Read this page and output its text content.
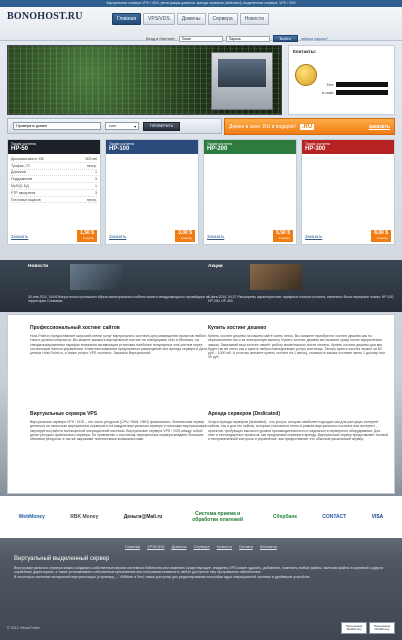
Виртуальные сервера VPS / VDS, регистрация доменов, аренда серверов (dedicated), выделенные сервера, VPS / VDS
BONOHOST.RU	Главная	VPS/VDS	Домены	Сервера	Новости
Вход в биллинг:
Логин
Пароль	Войти	забыли пароль?
Контакты:
Тел:
e-mail:
Проверить домен
.com	▾	ПРОВЕРИТЬ	Домен в зоне .RU в подарок!	.RU	заказать
Тариф хостинга
HP-50
Дисковая квота, Мб	500 мб
Трафик, Гб	неогр.
Доменов	1
Поддоменов	3
MySQL БД	1
FTP аккаунтов	3
Почтовых ящиков	неогр.
Заказать	1,50 $
в месяц
Тариф хостинга
HP-100
Заказать	3,00 $
в месяц
Тариф хостинга
HP-200
Заказать	5,50 $
в месяц
Тариф хостинга
HP-300
Заказать	8,00 $
в месяц
Новости
30-янв-2011, 16:06 Вчера ночью произошел обрыв магистрального кабеля нашего международного провайдера на территории Словакии
Акции
1-фев-2010, 04:27 Расширены характеристики тарифных планов хостинга, изменены были тарифные планы: HP-100, HP-200, HP-300
Профессиональный хостинг сайтов

Host-Point.ru предоставляет широкий спектр услуг виртуального хостинга для размещения проектов любого типа и уровня сложности. Вы можете заказать виртуальный хостинг на платформах Unix и Windows, на специализированных тарифах возможна активизация установка наиболее популярных cms-систем через хостинговую панель управления. Клиентам компании предлагается размещение или аренда сервера в Дата-центре Host-Point.ru, а также услуги VPS хостинга. Заказать Виртуальный

Купить хостинг дешево

Купить хостинг дешево на нашем сайте очень легко. Вы сможете приобрести хостинг дешево как по перечислению так и за электронную валюту. Купить хостинг дешево вы сможете сразу после оформления заказа. Заказывай ваш хостинг начнёт работу моментально после оплаты. Купить хостинг дешево для вас будет так же легко как и купить любую повседневную услугу или вещь. Теперь купить хостинг можно за 83 руб – 1000 мб. А если вы желаете купить хостинг на 1 месяц, стоимость заказа составит всего 1 доллар или 30 руб.

Виртуальные сервера VPS

Виртуальные сервера VPS / VDS – это часть ресурсов (CPU, RAM, HDD) физического. Физическим сервер делиться на несколько виртуальных серверов и на каждом виртуальном сервере с помощью виртуализации эмулируется работа полноценной операционной системы. Виртуальные сервера VPS / VDS между собой делят ресурсы физического сервера. По сравнению с хостингом, виртуальные сервера владеют большим объемом ресурсов, а так же широкими техническими возможностями.

Аренда серверов (Dedicated)

Услуга Аренда серверов (dedicated) - это услуга, которая наиболее подходит как для растущих интернет сайтов, так и для тех сайтов, которым становится тесно в рамках виртуального хостинга или интернет - проектов, требующих высокого уровня производительности и надежности серверного оборудования. Для этих и нестандартных проектов, мы предлагаем сервера в аренду. Виртуальный сервер представляет полный и неограниченный контроль и управление, как предоставляет его обычный физический сервер.

WebMoney	RBK Money	Деньги@Mail.ru	Система приема и обработки платежей	Сбербанк	CONTACT	VISA
Главная VPS/VDS Домены Сервера Новости Оплата Контакты
Виртуальный выделенный сервер

Внутри виртуального сервера можно создавать собственные версии системных библиотек или изменять существующие, владелец VPS может удалять, добавлять, изменять любые файлы, включая файлы в корневой и других служебных директориях, а также устанавливать собственные приложения или настраивать/изменять любое доступное ему программное обеспечение.

В некоторых системах аппаратной виртуализации (к примеру — VMWare и Xen) также доступны для редактирования настройки ядра операционной системы и драйверов устройств.

© 2012 «Host-Point»
Принимаем WebMoney
Принимаем WebMoney
